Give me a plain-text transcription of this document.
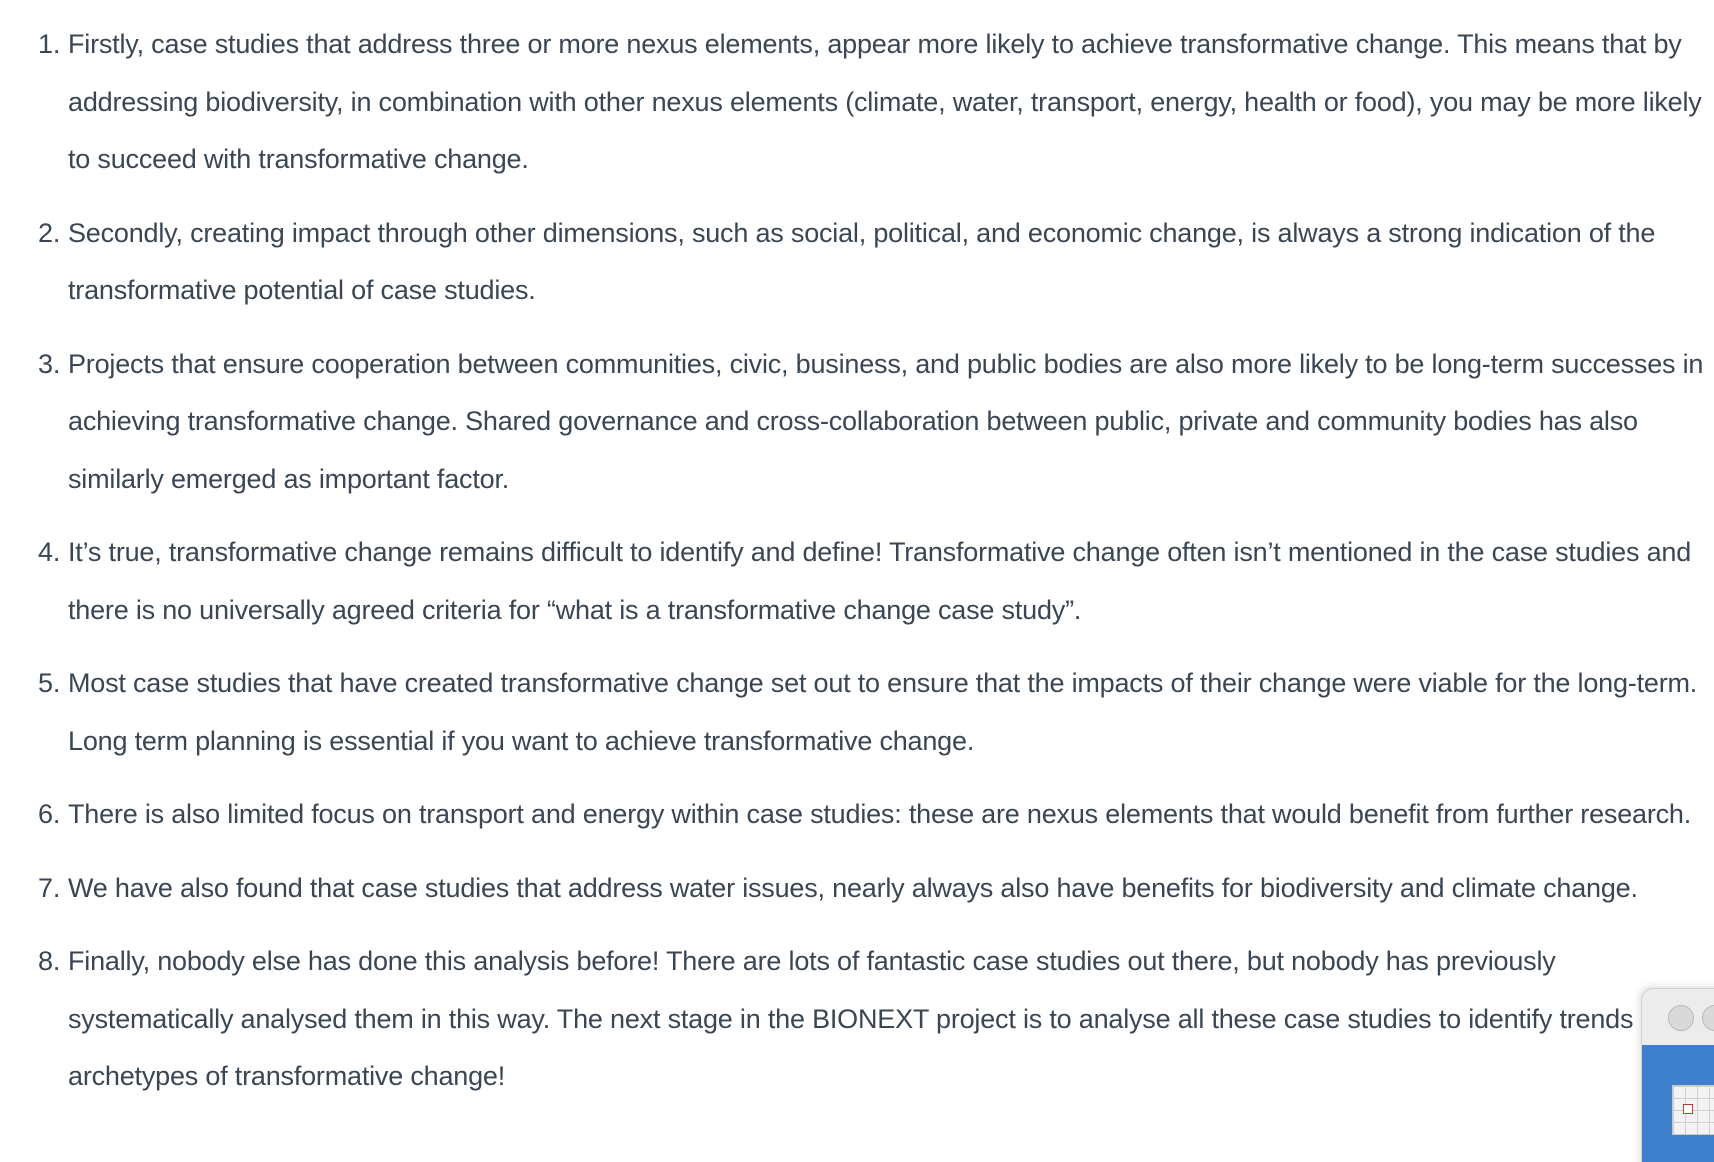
1. Firstly, case studies that address three or more nexus elements, appear more likely to achieve transformative change. This means that by addressing biodiversity, in combination with other nexus elements (climate, water, transport, energy, health or food), you may be more likely to succeed with transformative change.
2. Secondly, creating impact through other dimensions, such as social, political, and economic change, is always a strong indication of the transformative potential of case studies.
3. Projects that ensure cooperation between communities, civic, business, and public bodies are also more likely to be long-term successes in achieving transformative change. Shared governance and cross-collaboration between public, private and community bodies has also similarly emerged as important factor.
4. It’s true, transformative change remains difficult to identify and define! Transformative change often isn’t mentioned in the case studies and there is no universally agreed criteria for “what is a transformative change case study”.
5. Most case studies that have created transformative change set out to ensure that the impacts of their change were viable for the long-term. Long term planning is essential if you want to achieve transformative change.
6. There is also limited focus on transport and energy within case studies: these are nexus elements that would benefit from further research.
7. We have also found that case studies that address water issues, nearly always also have benefits for biodiversity and climate change.
8. Finally, nobody else has done this analysis before! There are lots of fantastic case studies out there, but nobody has previously systematically analysed them in this way. The next stage in the BIONEXT project is to analyse all these case studies to identify trends archetypes of transformative change!
